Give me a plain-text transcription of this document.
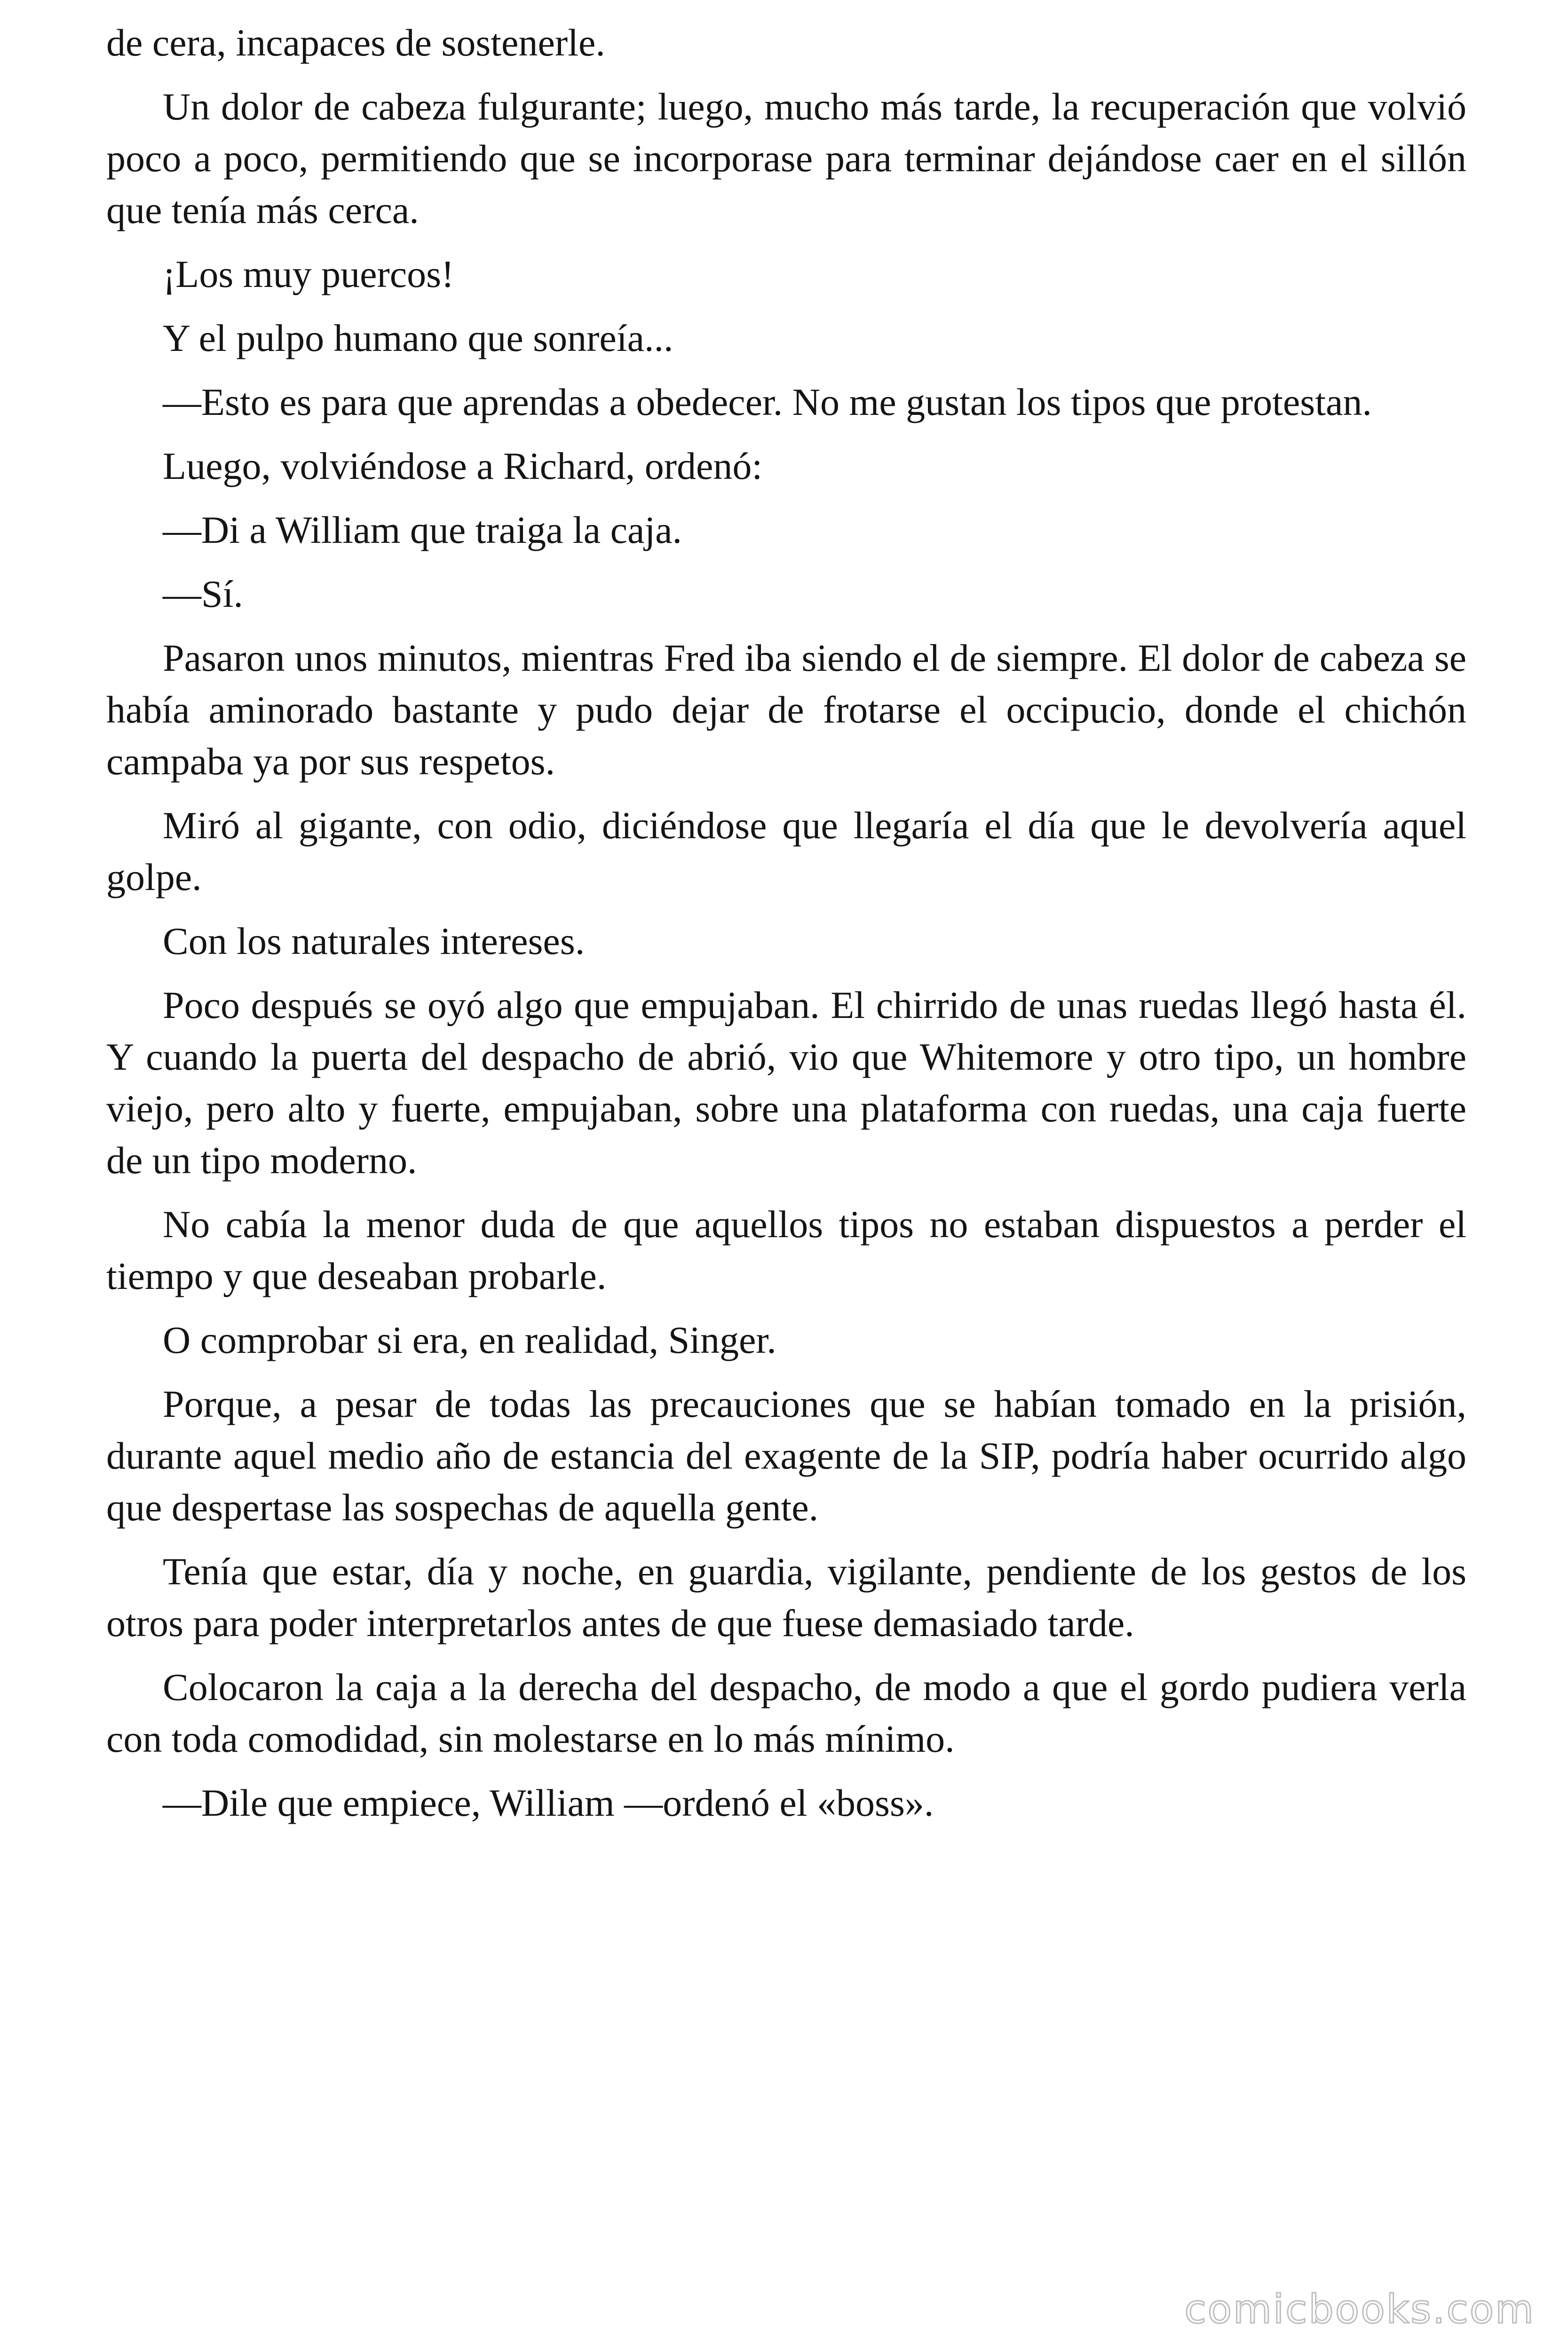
de cera, incapaces de sostenerle.

Un dolor de cabeza fulgurante; luego, mucho más tarde, la recuperación que volvió poco a poco, permitiendo que se incorporase para terminar dejándose caer en el sillón que tenía más cerca.

¡Los muy puercos!

Y el pulpo humano que sonreía...

—Esto es para que aprendas a obedecer. No me gustan los tipos que protestan.

Luego, volviéndose a Richard, ordenó:

—Di a William que traiga la caja.

—Sí.

Pasaron unos minutos, mientras Fred iba siendo el de siempre. El dolor de cabeza se había aminorado bastante y pudo dejar de frotarse el occipucio, donde el chichón campaba ya por sus respetos.

Miró al gigante, con odio, diciéndose que llegaría el día que le devolvería aquel golpe.

Con los naturales intereses.

Poco después se oyó algo que empujaban. El chirrido de unas ruedas llegó hasta él. Y cuando la puerta del despacho de abrió, vio que Whitemore y otro tipo, un hombre viejo, pero alto y fuerte, empujaban, sobre una plataforma con ruedas, una caja fuerte de un tipo moderno.

No cabía la menor duda de que aquellos tipos no estaban dispuestos a perder el tiempo y que deseaban probarle.

O comprobar si era, en realidad, Singer.

Porque, a pesar de todas las precauciones que se habían tomado en la prisión, durante aquel medio año de estancia del exagente de la SIP, podría haber ocurrido algo que despertase las sospechas de aquella gente.

Tenía que estar, día y noche, en guardia, vigilante, pendiente de los gestos de los otros para poder interpretarlos antes de que fuese demasiado tarde.

Colocaron la caja a la derecha del despacho, de modo a que el gordo pudiera verla con toda comodidad, sin molestarse en lo más mínimo.

—Dile que empiece, William —ordenó el «boss».

comicbooks.com
